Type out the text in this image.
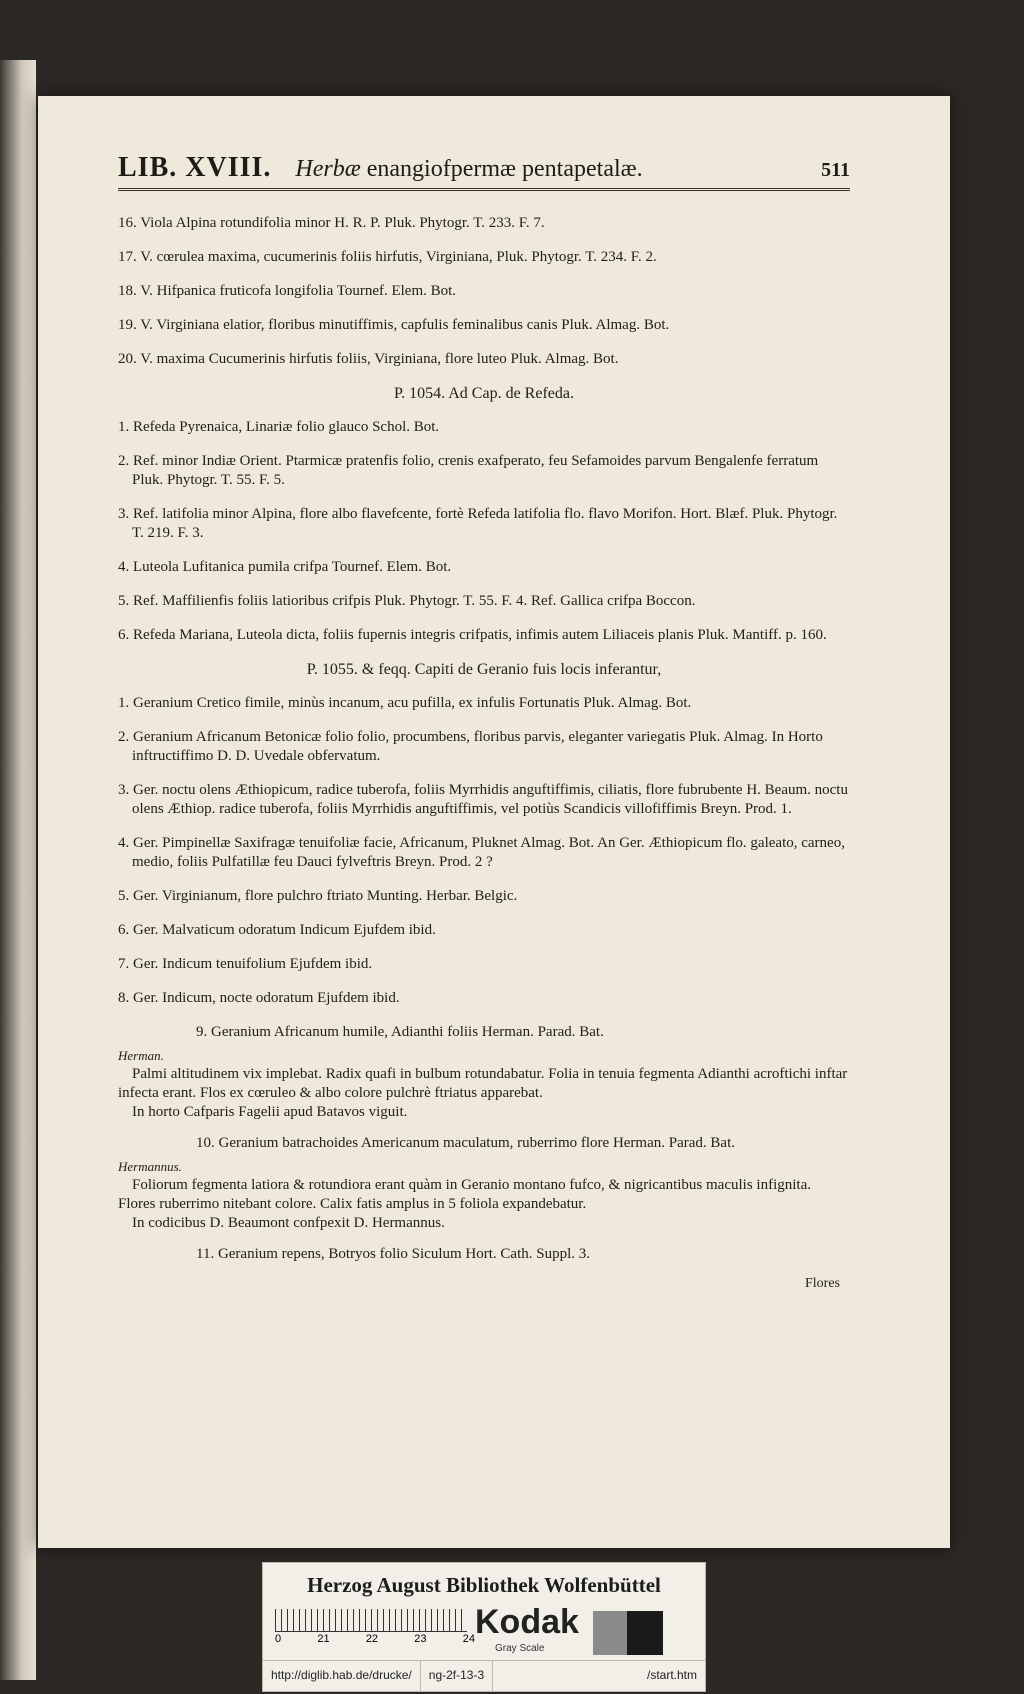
LIB. XVIII. Herbæ enangiofpermæ pentapetalæ.	511
16. Viola Alpina rotundifolia minor H. R. P. Pluk. Phytogr. T. 233. F. 7.
17. V. cœrulea maxima, cucumerinis foliis hirfutis, Virginiana, Pluk. Phytogr. T. 234. F. 2.
18. V. Hifpanica fruticofa longifolia Tournef. Elem. Bot.
19. V. Virginiana elatior, floribus minutiffimis, capfulis feminalibus canis Pluk. Almag. Bot.
20. V. maxima Cucumerinis hirfutis foliis, Virginiana, flore luteo Pluk. Almag. Bot.
P. 1054. Ad Cap. de Refeda.
1. Refeda Pyrenaica, Linariæ folio glauco Schol. Bot.
2. Ref. minor Indiæ Orient. Ptarmicæ pratenfis folio, crenis exafperato, feu Sefamoides parvum Bengalenfe ferratum Pluk. Phytogr. T. 55. F. 5.
3. Ref. latifolia minor Alpina, flore albo flavefcente, fortè Refeda latifolia flo. flavo Morifon. Hort. Blæf. Pluk. Phytogr. T. 219. F. 3.
4. Luteola Lufitanica pumila crifpa Tournef. Elem. Bot.
5. Ref. Maffilienfis foliis latioribus crifpis Pluk. Phytogr. T. 55. F. 4. Ref. Gallica crifpa Boccon.
6. Refeda Mariana, Luteola dicta, foliis fupernis integris crifpatis, infimis autem Liliaceis planis Pluk. Mantiff. p. 160.
P. 1055. & feqq. Capiti de Geranio fuis locis inferantur,
1. Geranium Cretico fimile, minùs incanum, acu pufilla, ex infulis Fortunatis Pluk. Almag. Bot.
2. Geranium Africanum Betonicæ folio folio, procumbens, floribus parvis, eleganter variegatis Pluk. Almag. In Horto inftructiffimo D. D. Uvedale obfervatum.
3. Ger. noctu olens Æthiopicum, radice tuberofa, foliis Myrrhidis anguftiffimis, ciliatis, flore fubrubente H. Beaum. noctu olens Æthiop. radice tuberofa, foliis Myrrhidis anguftiffimis, vel potiùs Scandicis villofiffimis Breyn. Prod. 1.
4. Ger. Pimpinellæ Saxifragæ tenuifoliæ facie, Africanum, Pluknet Almag. Bot. An Ger. Æthiopicum flo. galeato, carneo, medio, foliis Pulfatillæ feu Dauci fylveftris Breyn. Prod. 2 ?
5. Ger. Virginianum, flore pulchro ftriato Munting. Herbar. Belgic.
6. Ger. Malvaticum odoratum Indicum Ejufdem ibid.
7. Ger. Indicum tenuifolium Ejufdem ibid.
8. Ger. Indicum, nocte odoratum Ejufdem ibid.
9. Geranium Africanum humile, Adianthi foliis Herman. Parad. Bat.
Herman.

Palmi altitudinem vix implebat. Radix quafi in bulbum rotundabatur. Folia in tenuia fegmenta Adianthi acroftichi inftar infecta erant. Flos ex cœruleo & albo colore pulchrè ftriatus apparebat.

In horto Cafparis Fagelii apud Batavos viguit.

10. Geranium batrachoides Americanum maculatum, ruberrimo flore Herman. Parad. Bat.
Hermannus.

Foliorum fegmenta latiora & rotundiora erant quàm in Geranio montano fufco, & nigricantibus maculis infignita. Flores ruberrimo nitebant colore. Calix fatis amplus in 5 foliola expandebatur.

In codicibus D. Beaumont confpexit D. Hermannus.

11. Geranium repens, Botryos folio Siculum Hort. Cath. Suppl. 3.
Flores
Herzog August Bibliothek Wolfenbüttel
0	21	22	23	24 Kodak
Gray Scale
http://diglib.hab.de/drucke/	ng-2f-13-3	/start.htm
